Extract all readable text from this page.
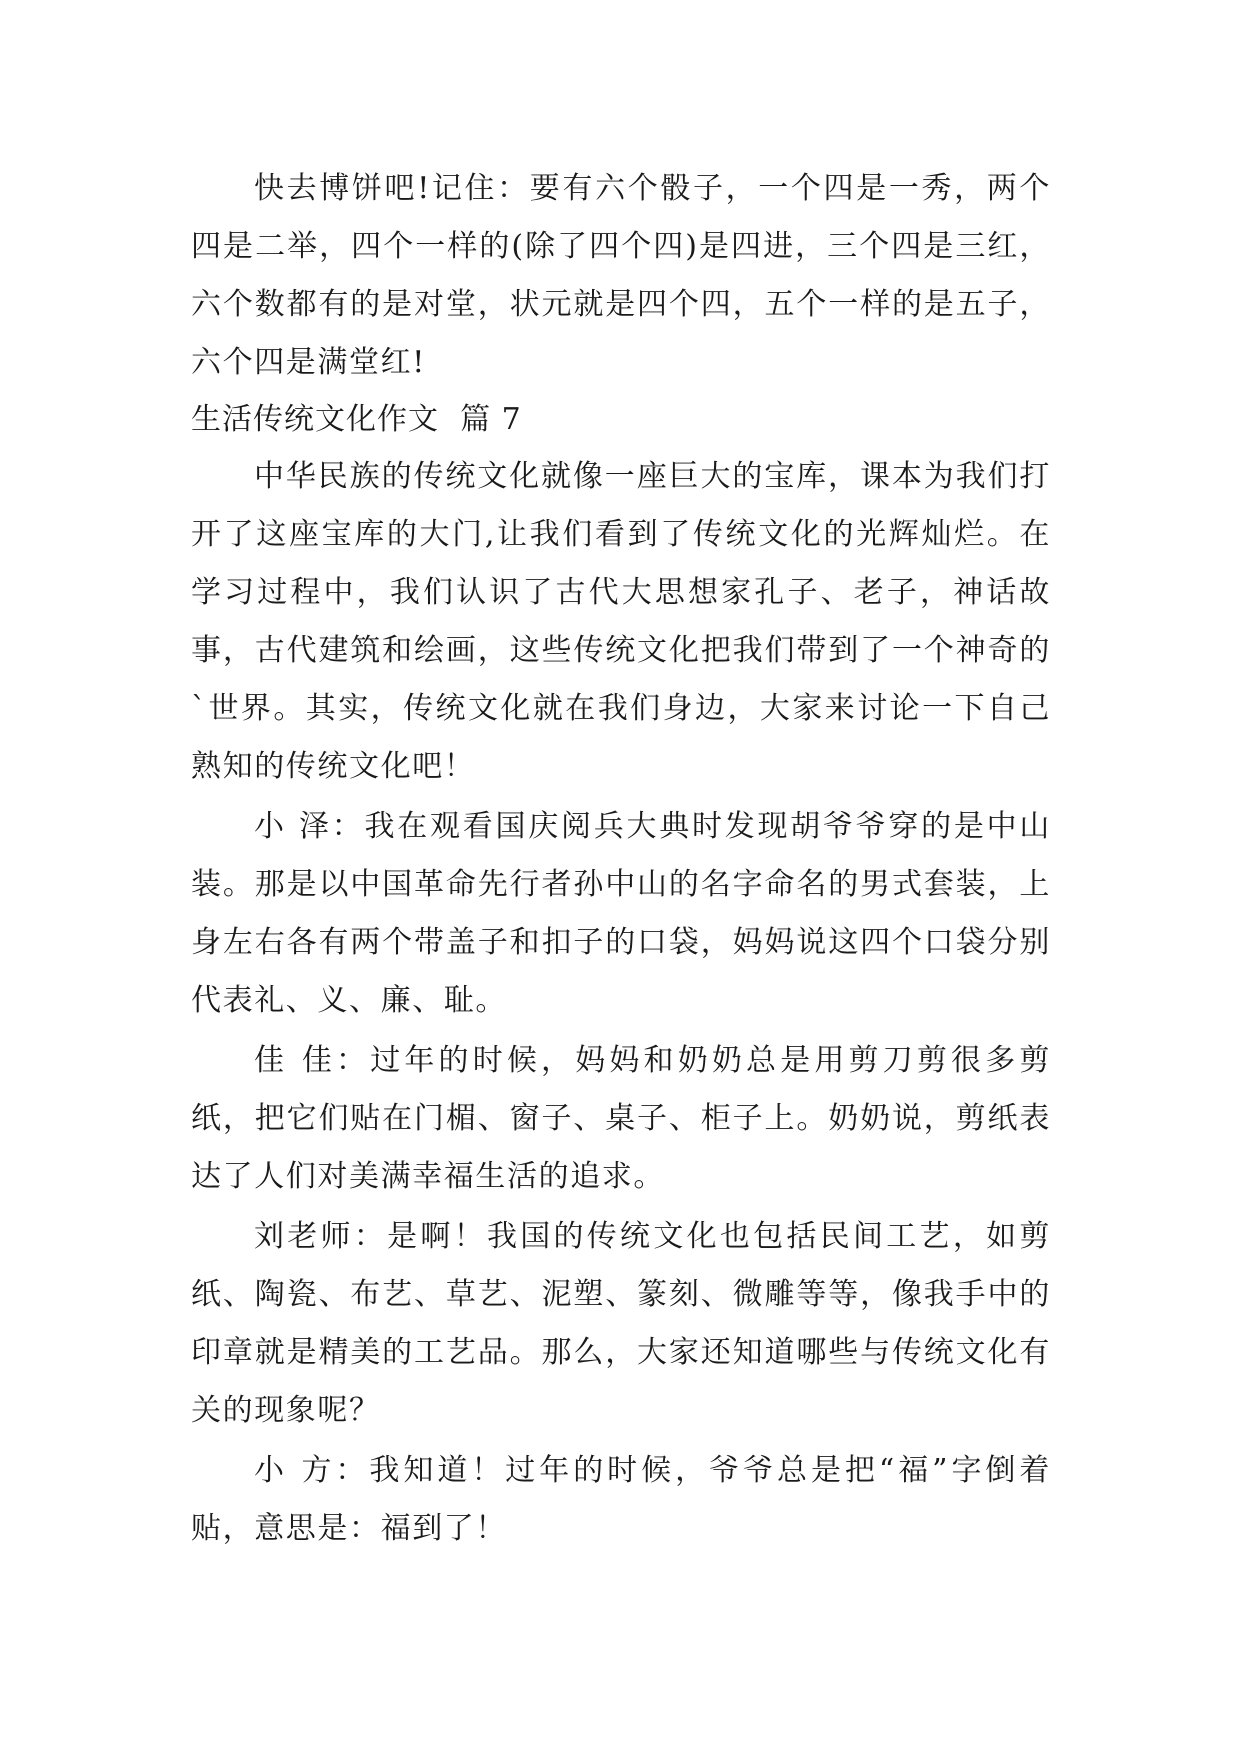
快去博饼吧!记住：要有六个骰子，一个四是一秀，两个四是二举，四个一样的(除了四个四)是四进，三个四是三红，六个数都有的是对堂，状元就是四个四，五个一样的是五子，六个四是满堂红!

生活传统文化作文  篇 7

中华民族的传统文化就像一座巨大的宝库，课本为我们打开了这座宝库的大门,让我们看到了传统文化的光辉灿烂。在学习过程中，我们认识了古代大思想家孔子、老子，神话故事，古代建筑和绘画，这些传统文化把我们带到了一个神奇的`世界。其实，传统文化就在我们身边，大家来讨论一下自己熟知的传统文化吧！

小 泽：我在观看国庆阅兵大典时发现胡爷爷穿的是中山装。那是以中国革命先行者孙中山的名字命名的男式套装，上身左右各有两个带盖子和扣子的口袋，妈妈说这四个口袋分别代表礼、义、廉、耻。

佳 佳：过年的时候，妈妈和奶奶总是用剪刀剪很多剪纸，把它们贴在门楣、窗子、桌子、柜子上。奶奶说，剪纸表达了人们对美满幸福生活的追求。

刘老师：是啊！我国的传统文化也包括民间工艺，如剪纸、陶瓷、布艺、草艺、泥塑、篆刻、微雕等等，像我手中的印章就是精美的工艺品。那么，大家还知道哪些与传统文化有关的现象呢？

小 方：我知道！过年的时候，爷爷总是把“福”字倒着贴，意思是：福到了！
